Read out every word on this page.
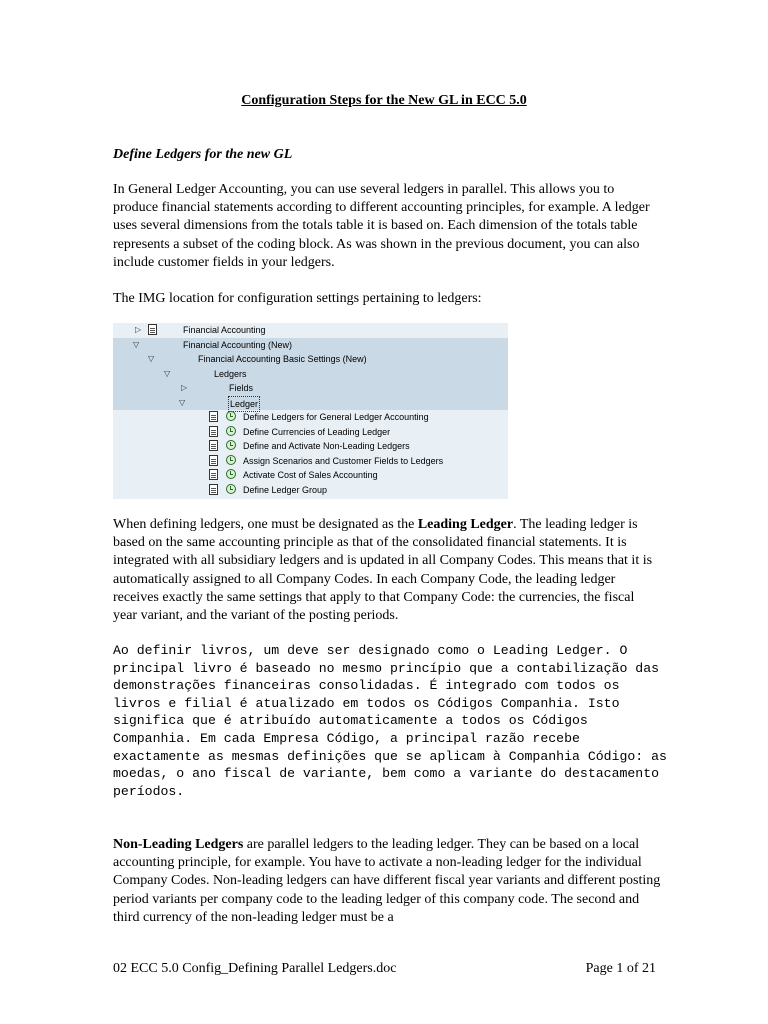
Configuration Steps for the New GL in ECC 5.0
Define Ledgers for the new GL

In General Ledger Accounting, you can use several ledgers in parallel. This allows you to produce financial statements according to different accounting principles, for example. A ledger uses several dimensions from the totals table it is based on. Each dimension of the totals table represents a subset of the coding block. As was shown in the previous document, you can also include customer fields in your ledgers.

The IMG location for configuration settings pertaining to ledgers:

▷	Financial Accounting
▽	Financial Accounting (New)
▽	Financial Accounting Basic Settings (New)
▽	Ledgers
▷	Fields
▽	Ledger
Define Ledgers for General Ledger Accounting
Define Currencies of Leading Ledger
Define and Activate Non-Leading Ledgers
Assign Scenarios and Customer Fields to Ledgers
Activate Cost of Sales Accounting
Define Ledger Group

When defining ledgers, one must be designated as the Leading Ledger. The leading ledger is based on the same accounting principle as that of the consolidated financial statements. It is integrated with all subsidiary ledgers and is updated in all Company Codes. This means that it is automatically assigned to all Company Codes. In each Company Code, the leading ledger receives exactly the same settings that apply to that Company Code: the currencies, the fiscal year variant, and the variant of the posting periods.

Ao definir livros, um deve ser designado como o Leading Ledger. O principal livro é baseado no mesmo princípio que a contabilização das demonstrações financeiras consolidadas. É integrado com todos os livros e filial é atualizado em todos os Códigos Companhia. Isto significa que é atribuído automaticamente a todos os Códigos Companhia. Em cada Empresa Código, a principal razão recebe exactamente as mesmas definições que se aplicam à Companhia Código: as moedas, o ano fiscal de variante, bem como a variante do destacamento períodos.

Non-Leading Ledgers are parallel ledgers to the leading ledger. They can be based on a local accounting principle, for example. You have to activate a non-leading ledger for the individual Company Codes. Non-leading ledgers can have different fiscal year variants and different posting period variants per company code to the leading ledger of this company code. The second and third currency of the non-leading ledger must be a

02 ECC 5.0 Config_Defining Parallel Ledgers.doc	Page 1 of 21
